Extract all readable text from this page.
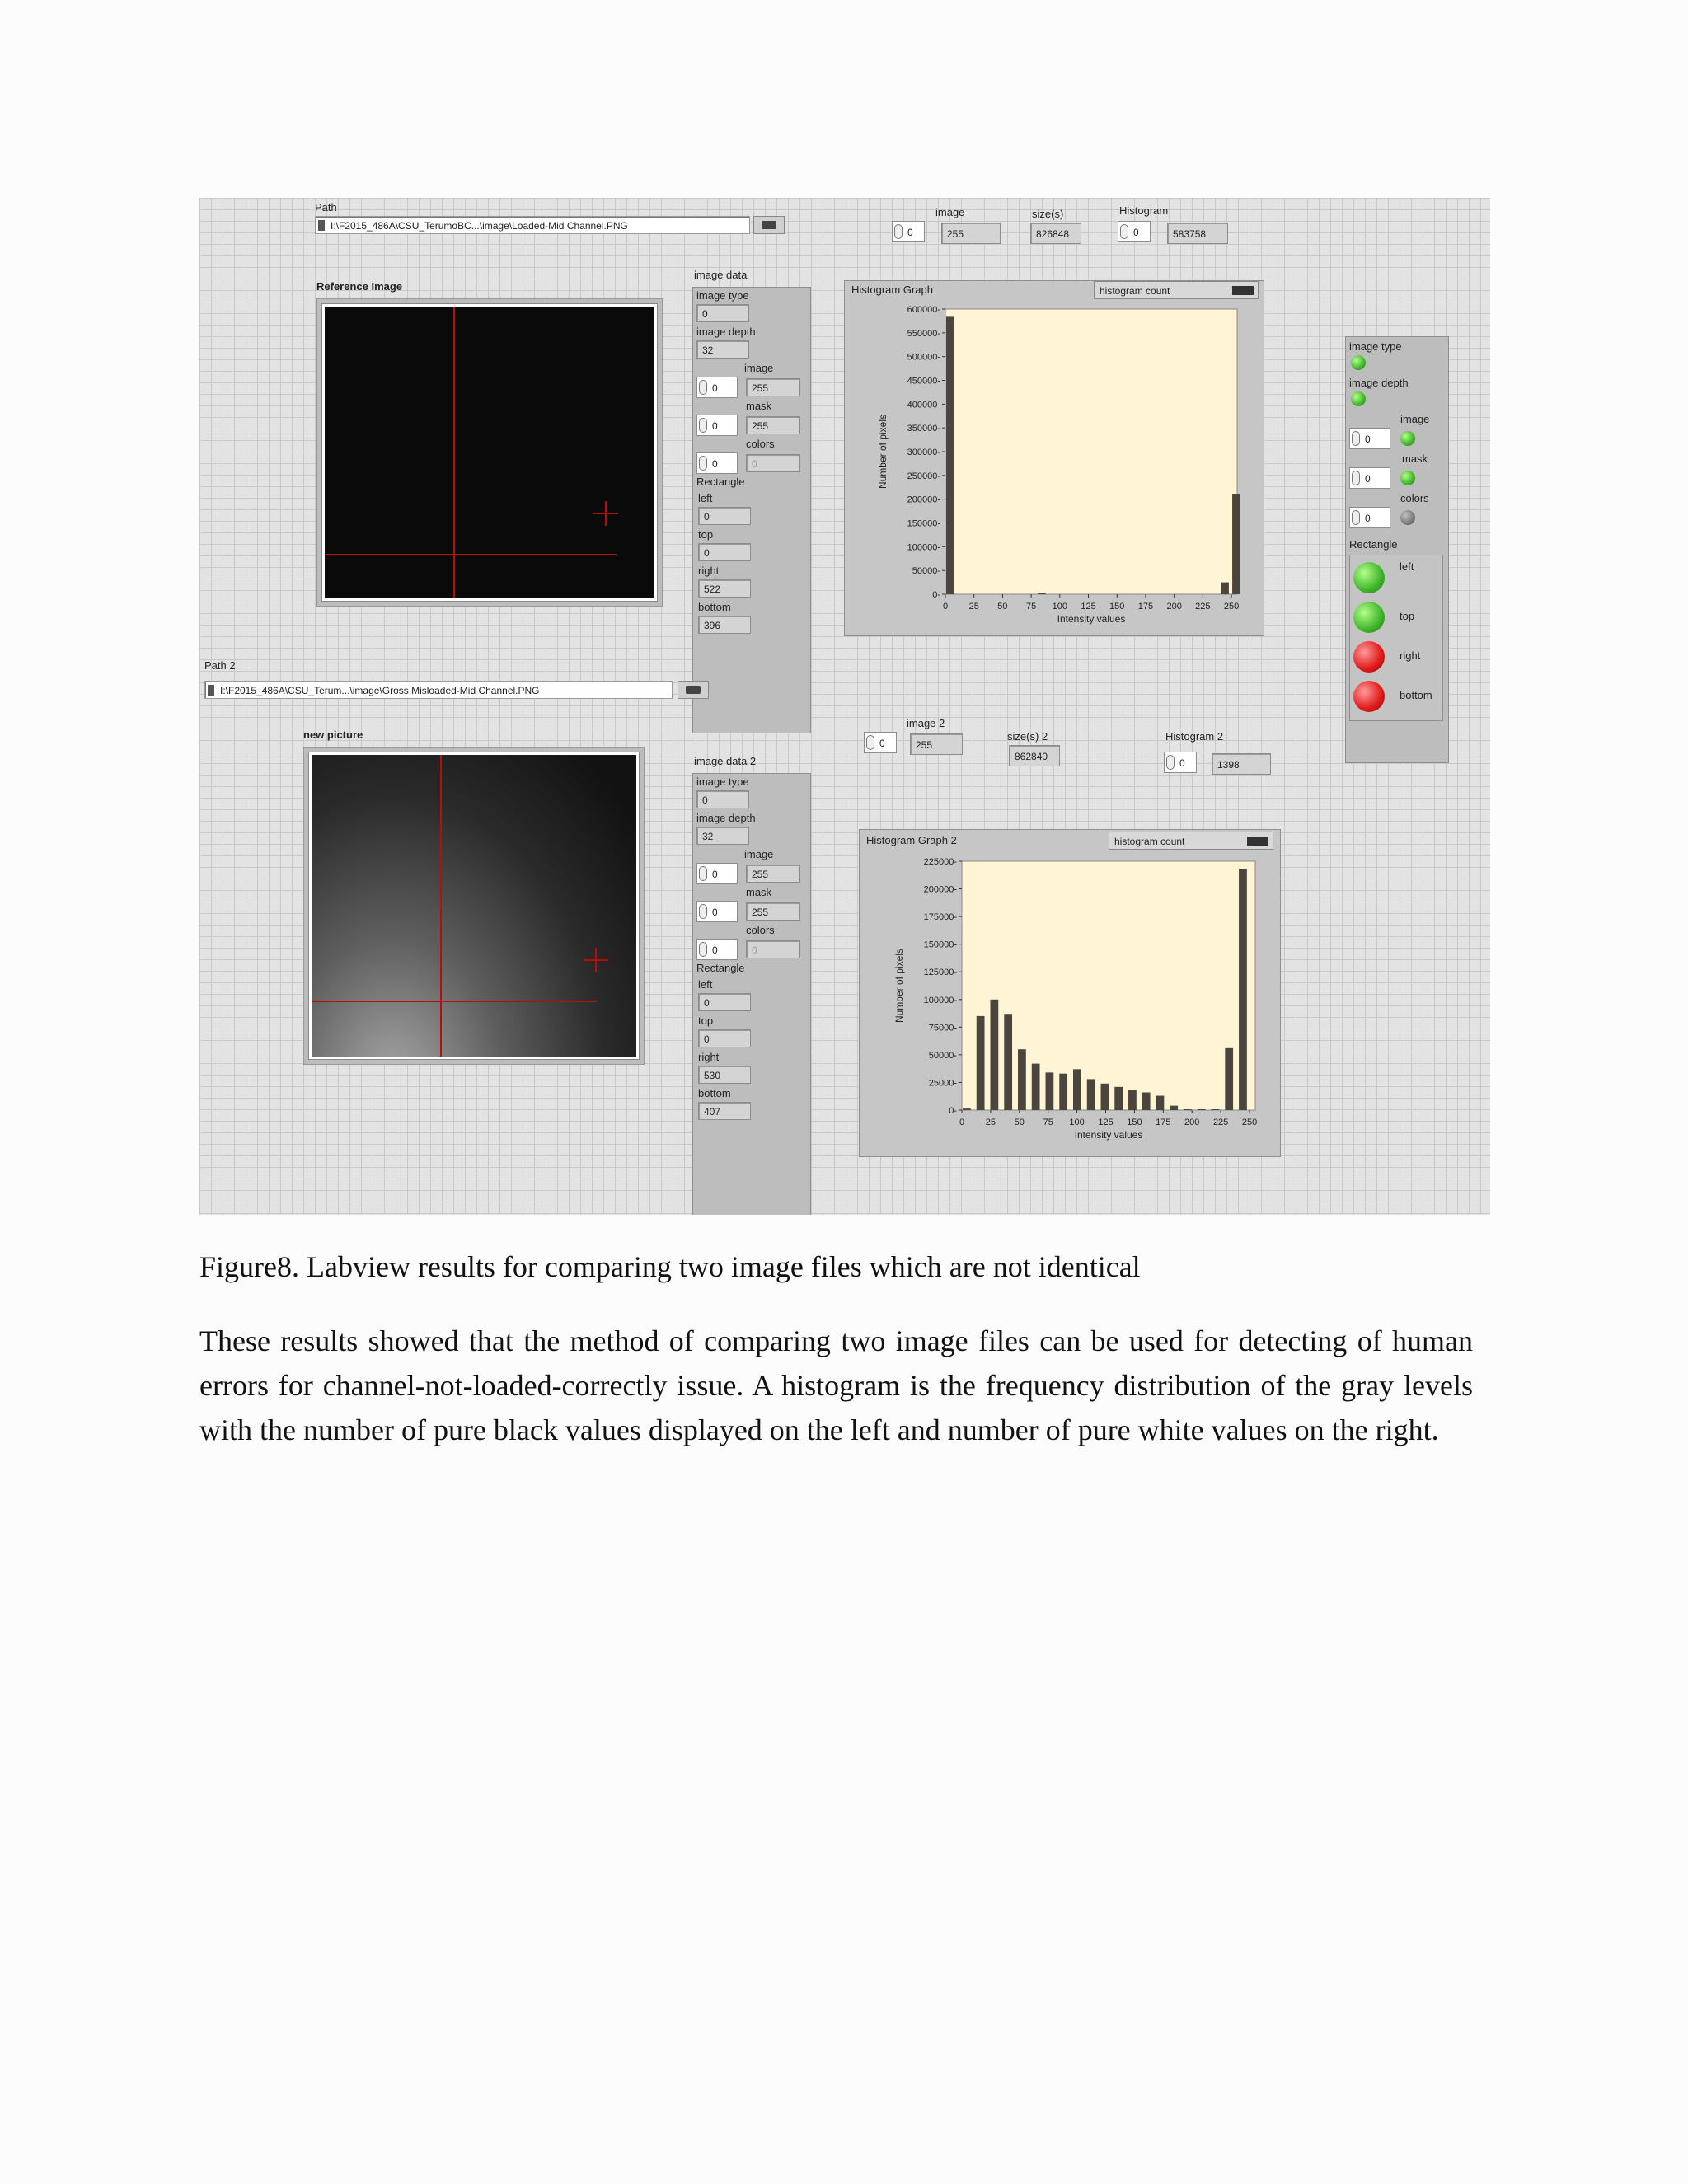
Path
I:\F2015_486A\CSU_TerumoBC...\image\Loaded-Mid Channel.PNG
image
0	255
size(s)
826848
Histogram
0	583758
Reference Image
image data
image type
0
image depth
32
image
0	255
mask
0	255
colors
0	0
Rectangle
left
0
top
0
right
522
bottom
396
Histogram Graph	histogram count
0-
50000-
100000-
150000-
200000-
250000-
300000-
350000-
400000-
450000-
500000-
550000-
600000-
0 25 50 75 100 125 150 175 200 225 250
Intensity values
Number of pixels
Path 2
I:\F2015_486A\CSU_Terum...\image\Gross Misloaded-Mid Channel.PNG
new picture
image 2
0	255
size(s) 2
862840
Histogram 2
0	1398
image data 2
image type
0
image depth
32
image
0	255
mask
0	255
colors
0	0
Rectangle
left
0
top
0
right
530
bottom
407
Histogram Graph 2	histogram count
0-
25000-
50000-
75000-
100000-
125000-
150000-
175000-
200000-
225000-
0 25 50 75 100 125 150 175 200 225 250
Intensity values
Number of pixels
image type
image depth
image
0
mask
0
colors
0
Rectangle
left
top
right
bottom
Figure8. Labview results for comparing two image files which are not identical
These results showed that the method of comparing two image files can be used for detecting of human errors for channel-not-loaded-correctly issue. A histogram is the frequency distribution of the gray levels with the number of pure black values displayed on the left and number of pure white values on the right.
